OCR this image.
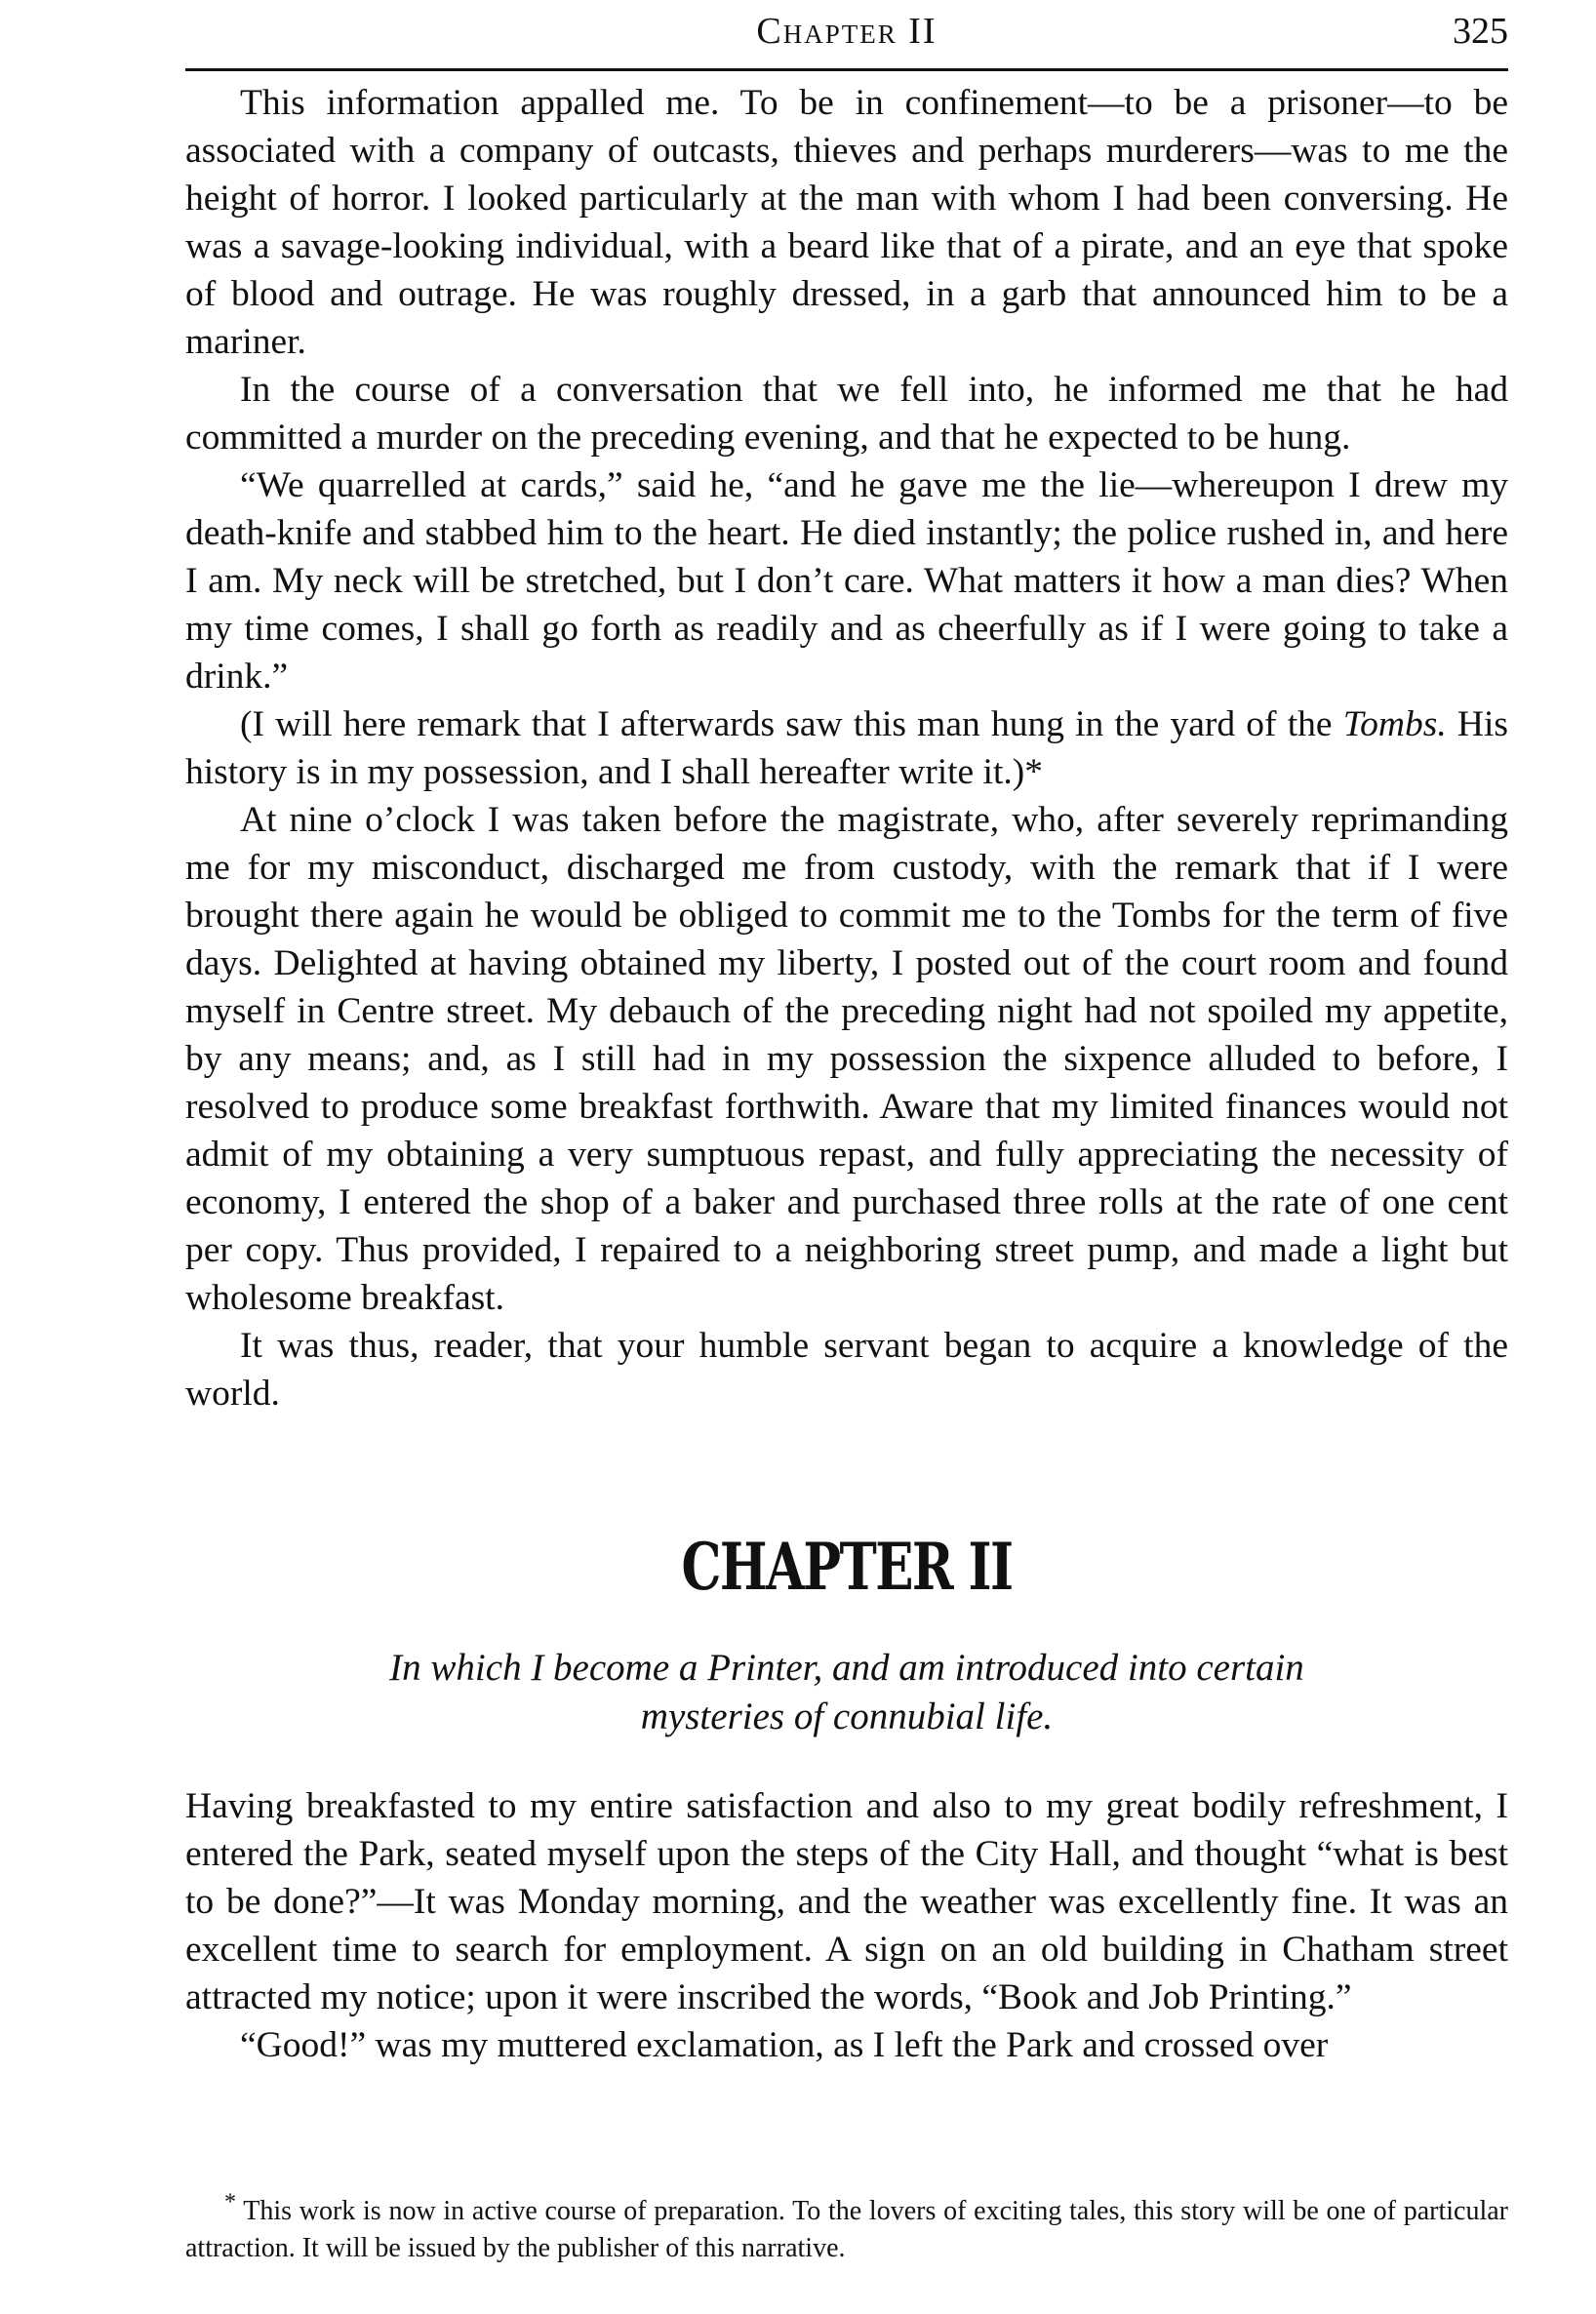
Chapter II	325

This information appalled me. To be in confinement—to be a prisoner—to be associated with a company of outcasts, thieves and perhaps murderers—was to me the height of horror. I looked particularly at the man with whom I had been conversing. He was a savage-looking individual, with a beard like that of a pirate, and an eye that spoke of blood and outrage. He was roughly dressed, in a garb that announced him to be a mariner.

In the course of a conversation that we fell into, he informed me that he had committed a murder on the preceding evening, and that he expected to be hung.

“We quarrelled at cards,” said he, “and he gave me the lie—whereupon I drew my death-knife and stabbed him to the heart. He died instantly; the police rushed in, and here I am. My neck will be stretched, but I don’t care. What matters it how a man dies? When my time comes, I shall go forth as readily and as cheerfully as if I were going to take a drink.”

(I will here remark that I afterwards saw this man hung in the yard of the Tombs. His history is in my possession, and I shall hereafter write it.)*

At nine o’clock I was taken before the magistrate, who, after severely reprimanding me for my misconduct, discharged me from custody, with the remark that if I were brought there again he would be obliged to commit me to the Tombs for the term of five days. Delighted at having obtained my liberty, I posted out of the court room and found myself in Centre street. My debauch of the preceding night had not spoiled my appetite, by any means; and, as I still had in my possession the sixpence alluded to before, I resolved to produce some breakfast forthwith. Aware that my limited finances would not admit of my obtaining a very sumptuous repast, and fully appreciating the necessity of economy, I entered the shop of a baker and purchased three rolls at the rate of one cent per copy. Thus provided, I repaired to a neighboring street pump, and made a light but wholesome breakfast.

It was thus, reader, that your humble servant began to acquire a knowledge of the world.

CHAPTER II
In which I become a Printer, and am introduced into certain
mysteries of connubial life.

Having breakfasted to my entire satisfaction and also to my great bodily refreshment, I entered the Park, seated myself upon the steps of the City Hall, and thought “what is best to be done?”—It was Monday morning, and the weather was excellently fine. It was an excellent time to search for employment. A sign on an old building in Chatham street attracted my notice; upon it were inscribed the words, “Book and Job Printing.”

“Good!” was my muttered exclamation, as I left the Park and crossed over

* This work is now in active course of preparation. To the lovers of exciting tales, this story will be one of particular attraction. It will be issued by the publisher of this narrative.
